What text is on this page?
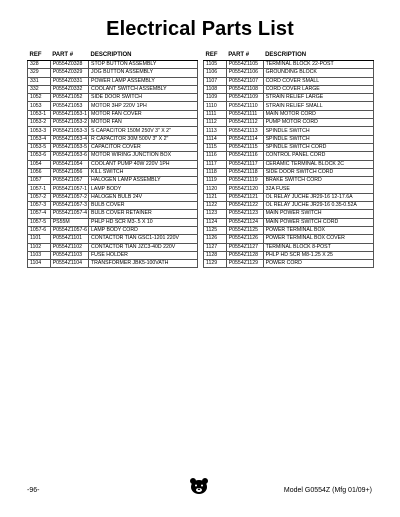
Electrical Parts List
REF	PART #	DESCRIPTION
328	P0554Z0328	STOP BUTTON ASSEMBLY
329	P0554Z0329	JOG BUTTON ASSEMBLY
331	P0554Z0331	POWER LAMP ASSEMBLY
332	P0554Z0332	COOLANT SWITCH ASSEMBLY
1052	P0554Z1052	SIDE DOOR SWITCH
1053	P0554Z1053	MOTOR 3HP 220V 1PH
1053-1	P0554Z1053-1	MOTOR FAN COVER
1053-2	P0554Z1053-2	MOTOR FAN
1053-3	P0554Z1053-3	S CAPACITOR 150M 250V 3" X 2"
1053-4	P0554Z1053-4	R CAPACITOR 30M 500V 3" X 2"
1053-5	P0554Z1053-5	CAPACITOR COVER
1053-6	P0554Z1053-6	MOTOR WIRING JUNCTION BOX
1054	P0554Z1054	COOLANT PUMP 40W 220V 1PH
1056	P0554Z1056	KILL SWITCH
1057	P0554Z1057	HALOGEN LAMP ASSEMBLY
1057-1	P0554Z1057-1	LAMP BODY
1057-2	P0554Z1057-2	HALOGEN BULB 24V
1057-3	P0554Z1057-3	BULB COVER
1057-4	P0554Z1057-4	BULB COVER RETAINER
1057-5	PS55M	PHLP HD SCR M3-.5 X 10
1057-6	P0554Z1057-6	LAMP BODY CORD
1101	P0554Z1101	CONTACTOR TIAN GSC1-1201 220V
1102	P0554Z1102	CONTACTOR TIAN JZC3-40D 220V
1103	P0554Z1103	FUSE HOLDER
1104	P0554Z1104	TRANSFORMER JBK5-100VATH
REF	PART #	DESCRIPTION
1105	P0554Z1105	TERMINAL BLOCK 22-POST
1106	P0554Z1106	GROUNDING BLOCK
1107	P0554Z1107	CORD COVER SMALL
1108	P0554Z1108	CORD COVER LARGE
1109	P0554Z1109	STRAIN RELIEF LARGE
1110	P0554Z1110	STRAIN RELIEF SMALL
1111	P0554Z1111	MAIN MOTOR CORD
1112	P0554Z1112	PUMP MOTOR CORD
1113	P0554Z1113	SPINDLE SWITCH
1114	P0554Z1114	SPINDLE SWITCH
1115	P0554Z1115	SPINDLE SWITCH CORD
1116	P0554Z1116	CONTROL PANEL CORD
1117	P0554Z1117	CERAMIC TERMINAL BLOCK 2C
1118	P0554Z1118	SIDE DOOR SWITCH CORD
1119	P0554Z1119	BRAKE SWITCH CORD
1120	P0554Z1120	32A FUSE
1121	P0554Z1121	OL RELAY JUCHE JR29-16 12-17.6A
1122	P0554Z1122	OL RELAY JUCHE JR29-16 0.35-0.52A
1123	P0554Z1123	MAIN POWER SWITCH
1124	P0554Z1124	MAIN POWER SWITCH CORD
1125	P0554Z1125	POWER TERMINAL BOX
1126	P0554Z1126	POWER TERMINAL BOX COVER
1127	P0554Z1127	TERMINAL BLOCK 8-POST
1128	P0554Z1128	PHLP HD SCR M8-1.25 X 25
1129	P0554Z1129	POWER CORD
-96-	Model G0554Z (Mfg 01/09+)
